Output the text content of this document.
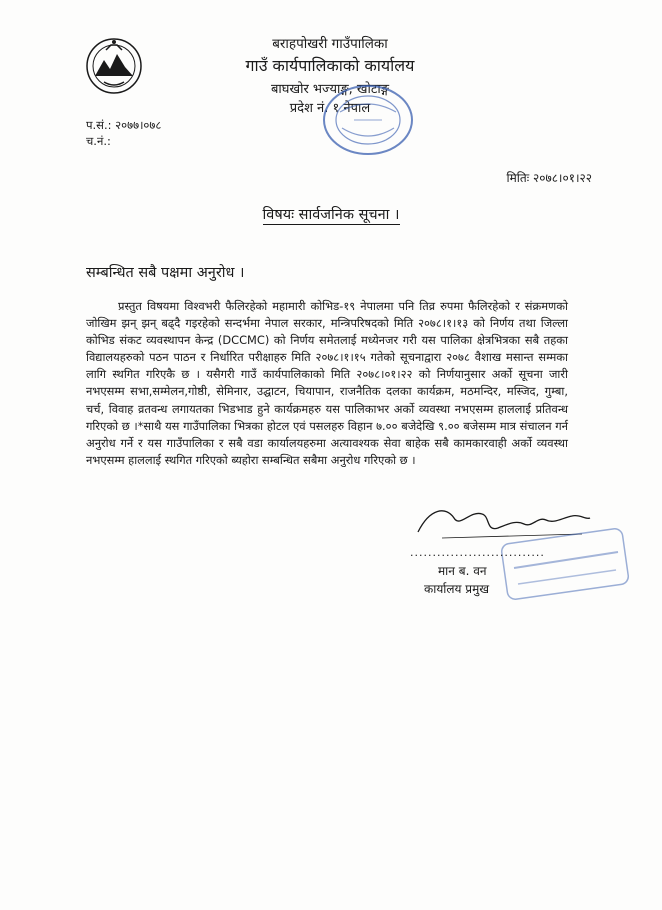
बराहपोखरी गाउँपालिका
गाउँ कार्यपालिकाको कार्यालय
बाघखोर भज्याङ्ग, खोटाङ्ग
प्रदेश नं. १ नेपाल
प.सं.: २०७७।०७८
च.नं.:
मितिः २०७८।०१।२२
विषयः सार्वजनिक सूचना ।
सम्बन्धित सबै पक्षमा अनुरोध ।

प्रस्तुत विषयमा विश्वभरी फैलिरहेको महामारी कोभिड-१९ नेपालमा पनि तिव्र रुपमा फैलिरहेको र संक्रमणको जोखिम झन् झन् बढ्दै गइरहेको सन्दर्भमा नेपाल सरकार, मन्त्रिपरिषदको मिति २०७८।१।१३ को निर्णय तथा जिल्ला कोभिड संकट व्यवस्थापन केन्द्र (DCCMC) को निर्णय समेतलाई मध्येनजर गरी यस पालिका क्षेत्रभित्रका सबै तहका विद्यालयहरुको पठन पाठन र निर्धारित परीक्षाहरु मिति २०७८।१।१५ गतेको सूचनाद्वारा २०७८ वैशाख मसान्त सम्मका लागि स्थगित गरिएकै छ । यसैगरी गाउँ कार्यपालिकाको मिति २०७८।०१।२२ को निर्णयानुसार अर्को सूचना जारी नभएसम्म सभा,सम्मेलन,गोष्ठी, सेमिनार, उद्घाटन, चियापान, राजनैतिक दलका कार्यक्रम, मठमन्दिर, मस्जिद, गुम्बा, चर्च, विवाह व्रतवन्ध लगायतका भिडभाड हुने कार्यक्रमहरु यस पालिकाभर अर्को व्यवस्था नभएसम्म हाललाई प्रतिवन्ध गरिएको छ ।*साथै यस गाउँपालिका भित्रका होटल एवं पसलहरु विहान ७.०० बजेदेखि ९.०० बजेसम्म मात्र संचालन गर्न अनुरोध गर्ने र यस गाउँपालिका र सबै वडा कार्यालयहरुमा अत्यावश्यक सेवा बाहेक सबै कामकारवाही अर्को व्यवस्था नभएसम्म हाललाई स्थगित गरिएको ब्यहोरा सम्बन्धित सबैमा अनुरोध गरिएको छ ।

..............................
मान ब. वन
कार्यालय प्रमुख
